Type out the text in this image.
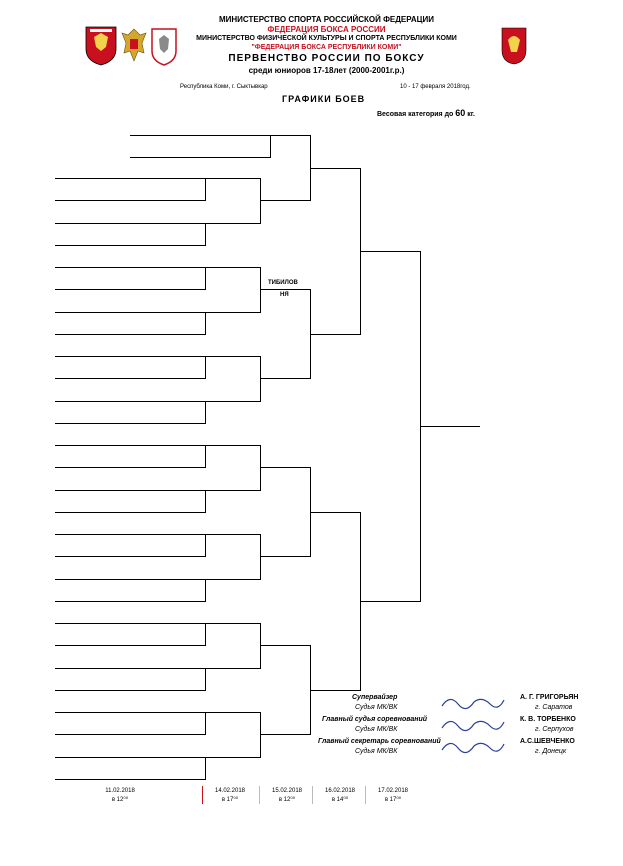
МИНИСТЕРСТВО СПОРТА РОССИЙСКОЙ ФЕДЕРАЦИИ
ФЕДЕРАЦИЯ БОКСА РОССИИ
МИНИСТЕРСТВО ФИЗИЧЕСКОЙ КУЛЬТУРЫ И СПОРТА РЕСПУБЛИКИ КОМИ
"ФЕДЕРАЦИЯ БОКСА РЕСПУБЛИКИ КОМИ"
ПЕРВЕНСТВО РОССИИ ПО БОКСУ
среди юниоров 17-18лет (2000-2001г.р.)
Республика Коми, г. Сыктывкар	10 - 17 февраля 2018год.
ГРАФИКИ БОЕВ
Весовая категория до 60 кг.
ТИБИЛОВ
НЯ
Супервайзер
Судья МК/ВК
А. Г. ГРИГОРЬЯН
г. Саратов
Главный судья соревнований
Судья МК/ВК
К. В. ТОРБЕНКО
г. Серпухов
Главный секретарь соревнований
Судья МК/ВК
А.С.ШЕВЧЕНКО
г. Донецк
11.02.2018
в 12⁰⁰
14.02.2018
в 17⁰⁰
15.02.2018
в 12⁰⁰
16.02.2018
в 14⁰⁰
17.02.2018
в 17⁰⁰
